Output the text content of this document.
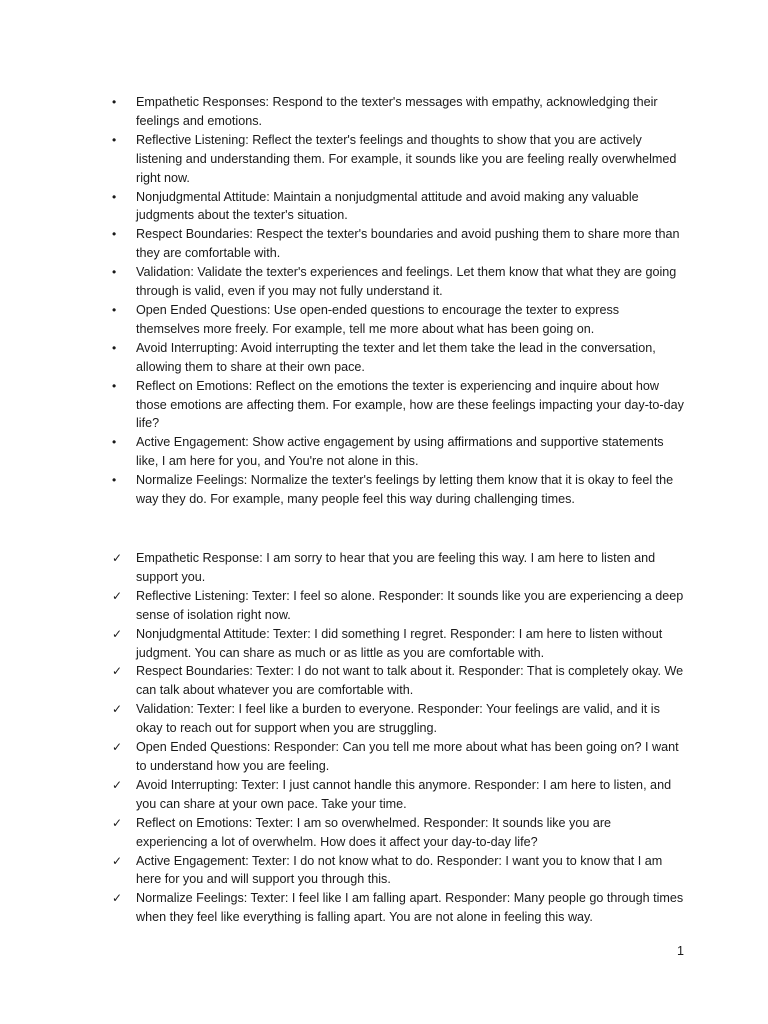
•	Empathetic Responses: Respond to the texter's messages with empathy, acknowledging their feelings and emotions.
•	Reflective Listening: Reflect the texter's feelings and thoughts to show that you are actively listening and understanding them. For example, it sounds like you are feeling really overwhelmed right now.
•	Nonjudgmental Attitude: Maintain a nonjudgmental attitude and avoid making any valuable judgments about the texter's situation.
•	Respect Boundaries: Respect the texter's boundaries and avoid pushing them to share more than they are comfortable with.
•	Validation: Validate the texter's experiences and feelings. Let them know that what they are going through is valid, even if you may not fully understand it.
•	Open Ended Questions: Use open-ended questions to encourage the texter to express themselves more freely. For example, tell me more about what has been going on.
•	Avoid Interrupting: Avoid interrupting the texter and let them take the lead in the conversation, allowing them to share at their own pace.
•	Reflect on Emotions: Reflect on the emotions the texter is experiencing and inquire about how those emotions are affecting them. For example, how are these feelings impacting your day-to-day life?
•	Active Engagement: Show active engagement by using affirmations and supportive statements like, I am here for you, and You're not alone in this.
•	Normalize Feelings: Normalize the texter's feelings by letting them know that it is okay to feel the way they do. For example, many people feel this way during challenging times.
✓	Empathetic Response: I am sorry to hear that you are feeling this way. I am here to listen and support you.
✓	Reflective Listening: Texter: I feel so alone. Responder: It sounds like you are experiencing a deep sense of isolation right now.
✓	Nonjudgmental Attitude: Texter: I did something I regret. Responder: I am here to listen without judgment. You can share as much or as little as you are comfortable with.
✓	Respect Boundaries: Texter: I do not want to talk about it. Responder: That is completely okay. We can talk about whatever you are comfortable with.
✓	Validation: Texter: I feel like a burden to everyone. Responder: Your feelings are valid, and it is okay to reach out for support when you are struggling.
✓	Open Ended Questions: Responder: Can you tell me more about what has been going on? I want to understand how you are feeling.
✓	Avoid Interrupting: Texter: I just cannot handle this anymore. Responder: I am here to listen, and you can share at your own pace. Take your time.
✓	Reflect on Emotions: Texter: I am so overwhelmed. Responder: It sounds like you are experiencing a lot of overwhelm. How does it affect your day-to-day life?
✓	Active Engagement: Texter: I do not know what to do. Responder: I want you to know that I am here for you and will support you through this.
✓	Normalize Feelings: Texter: I feel like I am falling apart. Responder: Many people go through times when they feel like everything is falling apart. You are not alone in feeling this way.
1
